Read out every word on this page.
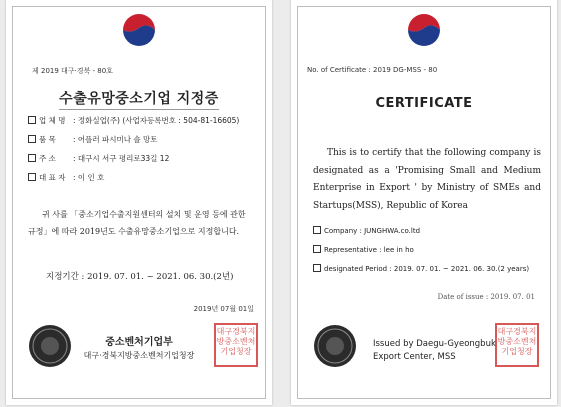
제 2019 대구·경북 - 80호
수출유망중소기업 지정증
업 체 명 : 정화실업(주) (사업자등록번호 : 504-81-16605)
품 목 : 어플러 파시미나 숄 망토
주 소 : 대구시 서구 평리로33길 12
대 표 자 : 이 인 호
귀 사를 「중소기업수출지원센터의 설치 및 운영 등에 관한 규정」에 따라 2019년도 수출유망중소기업으로 지정합니다.
지정기간 : 2019. 07. 01. ~ 2021. 06. 30.(2년)
2019년 07월 01일
중소벤처기업부
대구·경북지방중소벤처기업청장
대구경북지방중소벤처기업청장
No. of Certificate : 2019 DG-MSS - 80
CERTIFICATE
This is to certify that the following company is designated as a 'Promising Small and Medium Enterprise in Export ' by Ministry of SMEs and Startups(MSS), Republic of Korea
Company : JUNGHWA.co.ltd
Representative : lee in ho
designated Period : 2019. 07. 01. ~ 2021. 06. 30.(2 years)
Date of issue : 2019. 07. 01
Issued by Daegu-Gyeongbuk
Export Center, MSS
대구경북지방중소벤처기업청장
